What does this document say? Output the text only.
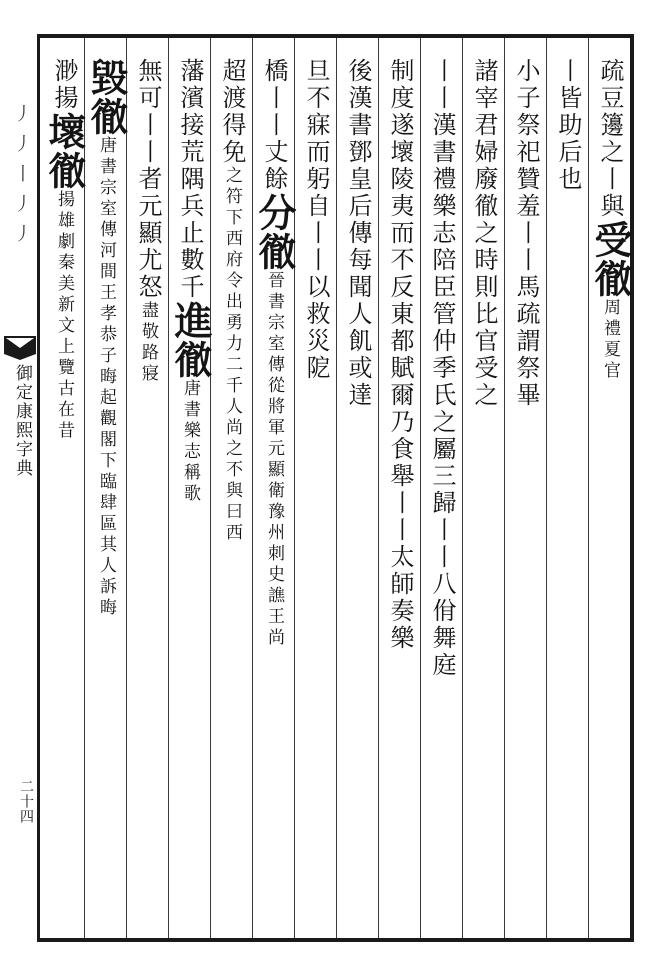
丿丿丨丿丿
御定康熙字典
二十四
疏豆籩之丨與受徹周禮夏官
丨皆助后也
小子祭祀贊羞丨丨馬疏謂祭畢
諸宰君婦廢徹之時則比官受之
丨丨漢書禮樂志陪臣管仲季氏之屬三歸丨丨八佾舞庭
制度遂壞陵夷而不反東都賦爾乃食舉丨丨太師奏樂
後漢書鄧皇后傳每聞人飢或達
旦不寐而躬自丨丨以救災阸
橋丨丨丈餘分徹晉書宗室傳從將軍元顯衛豫州刺史譙王尚
超渡得免之符下西府令出勇力二千人尚之不與曰西
藩濱接荒隅兵止數千進徹唐書樂志稱歌
無可丨丨者元顯尤怒盡敬路寢
毀徹唐書宗室傳河間王孝恭子晦起觀閣下臨肆區其人訴晦
渺揚壞徹揚雄劇秦美新文上覽古在昔
